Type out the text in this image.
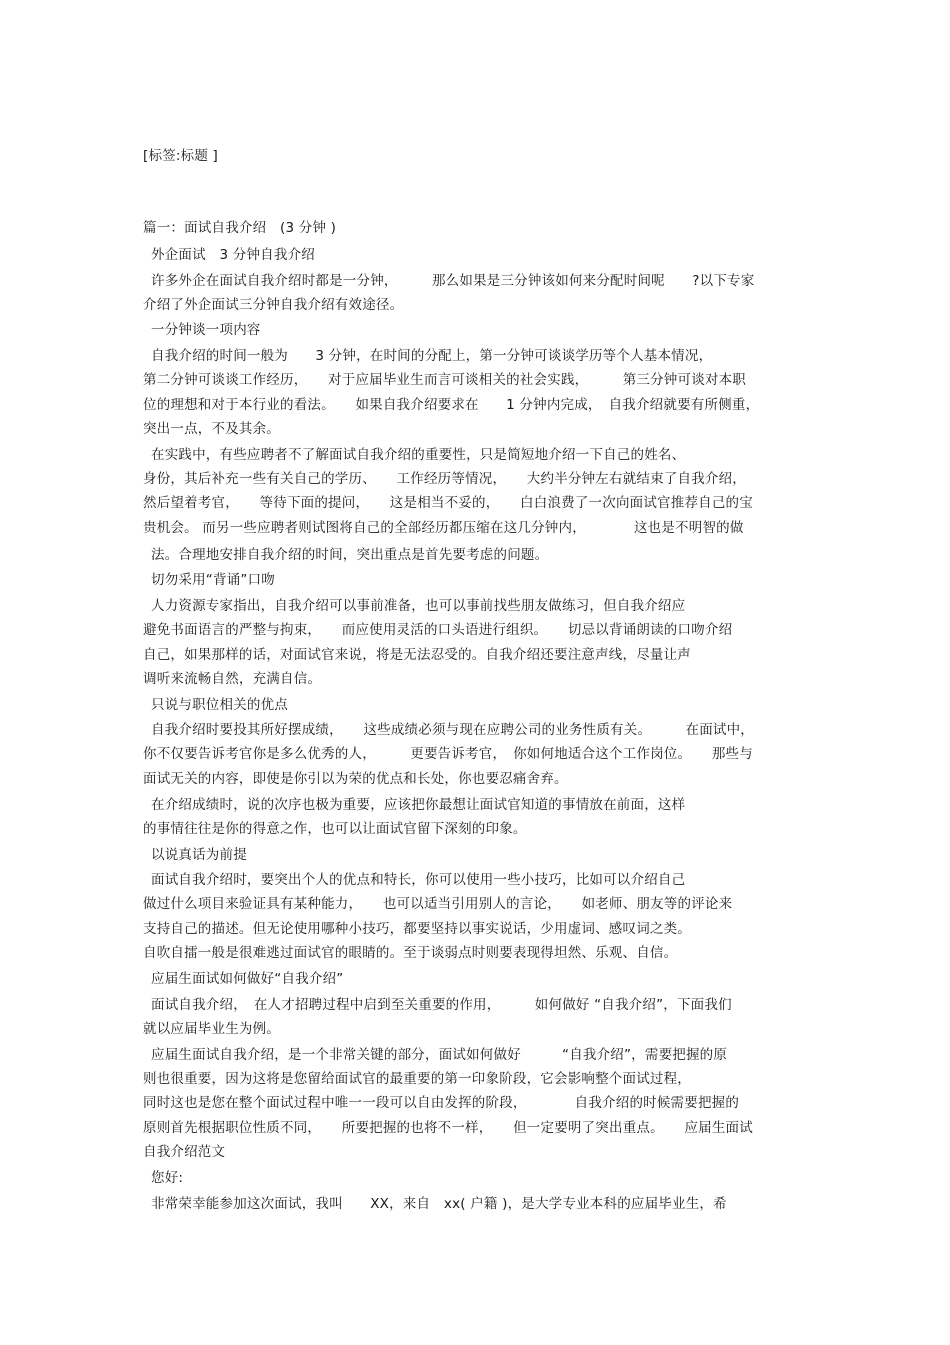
[标签:标题 ]
篇一：面试自我介绍　(3 分钟 )
外企面试　3 分钟自我介绍
许多外企在面试自我介绍时都是一分钟，　　　那么如果是三分钟该如何来分配时间呢　　?以下专家
介绍了外企面试三分钟自我介绍有效途径。
一分钟谈一项内容
自我介绍的时间一般为　　3 分钟，在时间的分配上，第一分钟可谈谈学历等个人基本情况，
第二分钟可谈谈工作经历，　　对于应届毕业生而言可谈相关的社会实践，　　　第三分钟可谈对本职
位的理想和对于本行业的看法。　　如果自我介绍要求在　　1 分钟内完成，　自我介绍就要有所侧重，
突出一点，不及其余。
在实践中，有些应聘者不了解面试自我介绍的重要性，只是简短地介绍一下自己的姓名、
身份，其后补充一些有关自己的学历、　　工作经历等情况，　　大约半分钟左右就结束了自我介绍，
然后望着考官，　　等待下面的提问，　　这是相当不妥的，　　白白浪费了一次向面试官推荐自己的宝
贵机会。 而另一些应聘者则试图将自己的全部经历都压缩在这几分钟内，　　　　这也是不明智的做
法。合理地安排自我介绍的时间，突出重点是首先要考虑的问题。
切勿采用“背诵”口吻
人力资源专家指出，自我介绍可以事前准备，也可以事前找些朋友做练习，但自我介绍应
避免书面语言的严整与拘束，　　而应使用灵活的口头语进行组织。　　切忌以背诵朗读的口吻介绍
自己，如果那样的话，对面试官来说，将是无法忍受的。自我介绍还要注意声线，尽量让声
调听来流畅自然，充满自信。
只说与职位相关的优点
自我介绍时要投其所好摆成绩，　　这些成绩必须与现在应聘公司的业务性质有关。　　　在面试中，
你不仅要告诉考官你是多么优秀的人，　　　更要告诉考官，　你如何地适合这个工作岗位。　　那些与
面试无关的内容，即使是你引以为荣的优点和长处，你也要忍痛舍弃。
在介绍成绩时，说的次序也极为重要，应该把你最想让面试官知道的事情放在前面，这样
的事情往往是你的得意之作，也可以让面试官留下深刻的印象。
以说真话为前提
面试自我介绍时，要突出个人的优点和特长，你可以使用一些小技巧，比如可以介绍自己
做过什么项目来验证具有某种能力，　　也可以适当引用别人的言论，　　如老师、朋友等的评论来
支持自己的描述。但无论使用哪种小技巧，都要坚持以事实说话，少用虚词、感叹词之类。
自吹自擂一般是很难逃过面试官的眼睛的。至于谈弱点时则要表现得坦然、乐观、自信。
应届生面试如何做好“自我介绍”
面试自我介绍，　在人才招聘过程中启到至关重要的作用，　　　如何做好 “自我介绍”，下面我们
就以应届毕业生为例。
应届生面试自我介绍，是一个非常关键的部分，面试如何做好　　　“自我介绍”，需要把握的原
则也很重要，因为这将是您留给面试官的最重要的第一印象阶段，它会影响整个面试过程，
同时这也是您在整个面试过程中唯一一段可以自由发挥的阶段，　　　　自我介绍的时候需要把握的
原则首先根据职位性质不同，　　所要把握的也将不一样，　　但一定要明了突出重点。　　应届生面试
自我介绍范文
您好:
非常荣幸能参加这次面试，我叫　　XX，来自　xx( 户籍 )，是大学专业本科的应届毕业生，希
